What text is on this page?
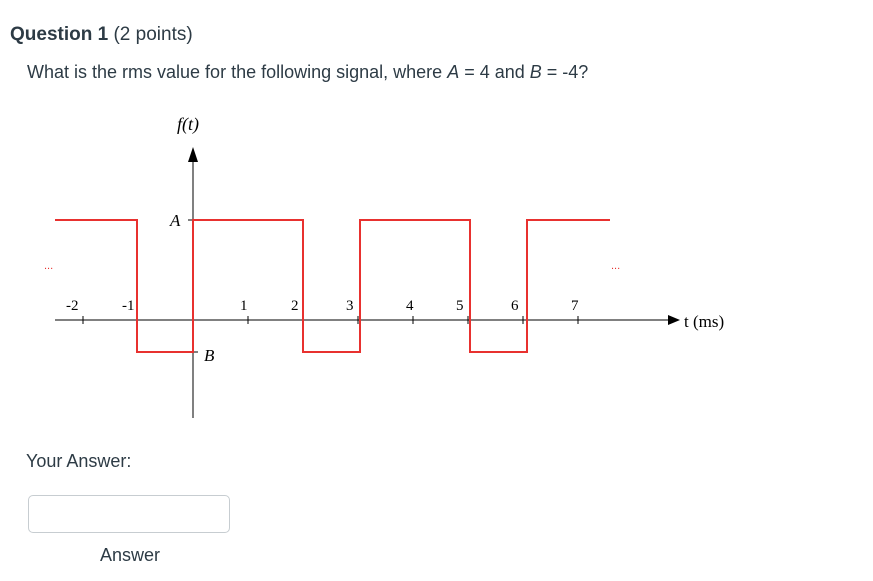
Question 1 (2 points)
What is the rms value for the following signal, where A = 4 and B = -4?
-2	-1	1	2	3	4	5	6	7
A
B
f(t)
t (ms)
...	...
Your Answer:
Answer
